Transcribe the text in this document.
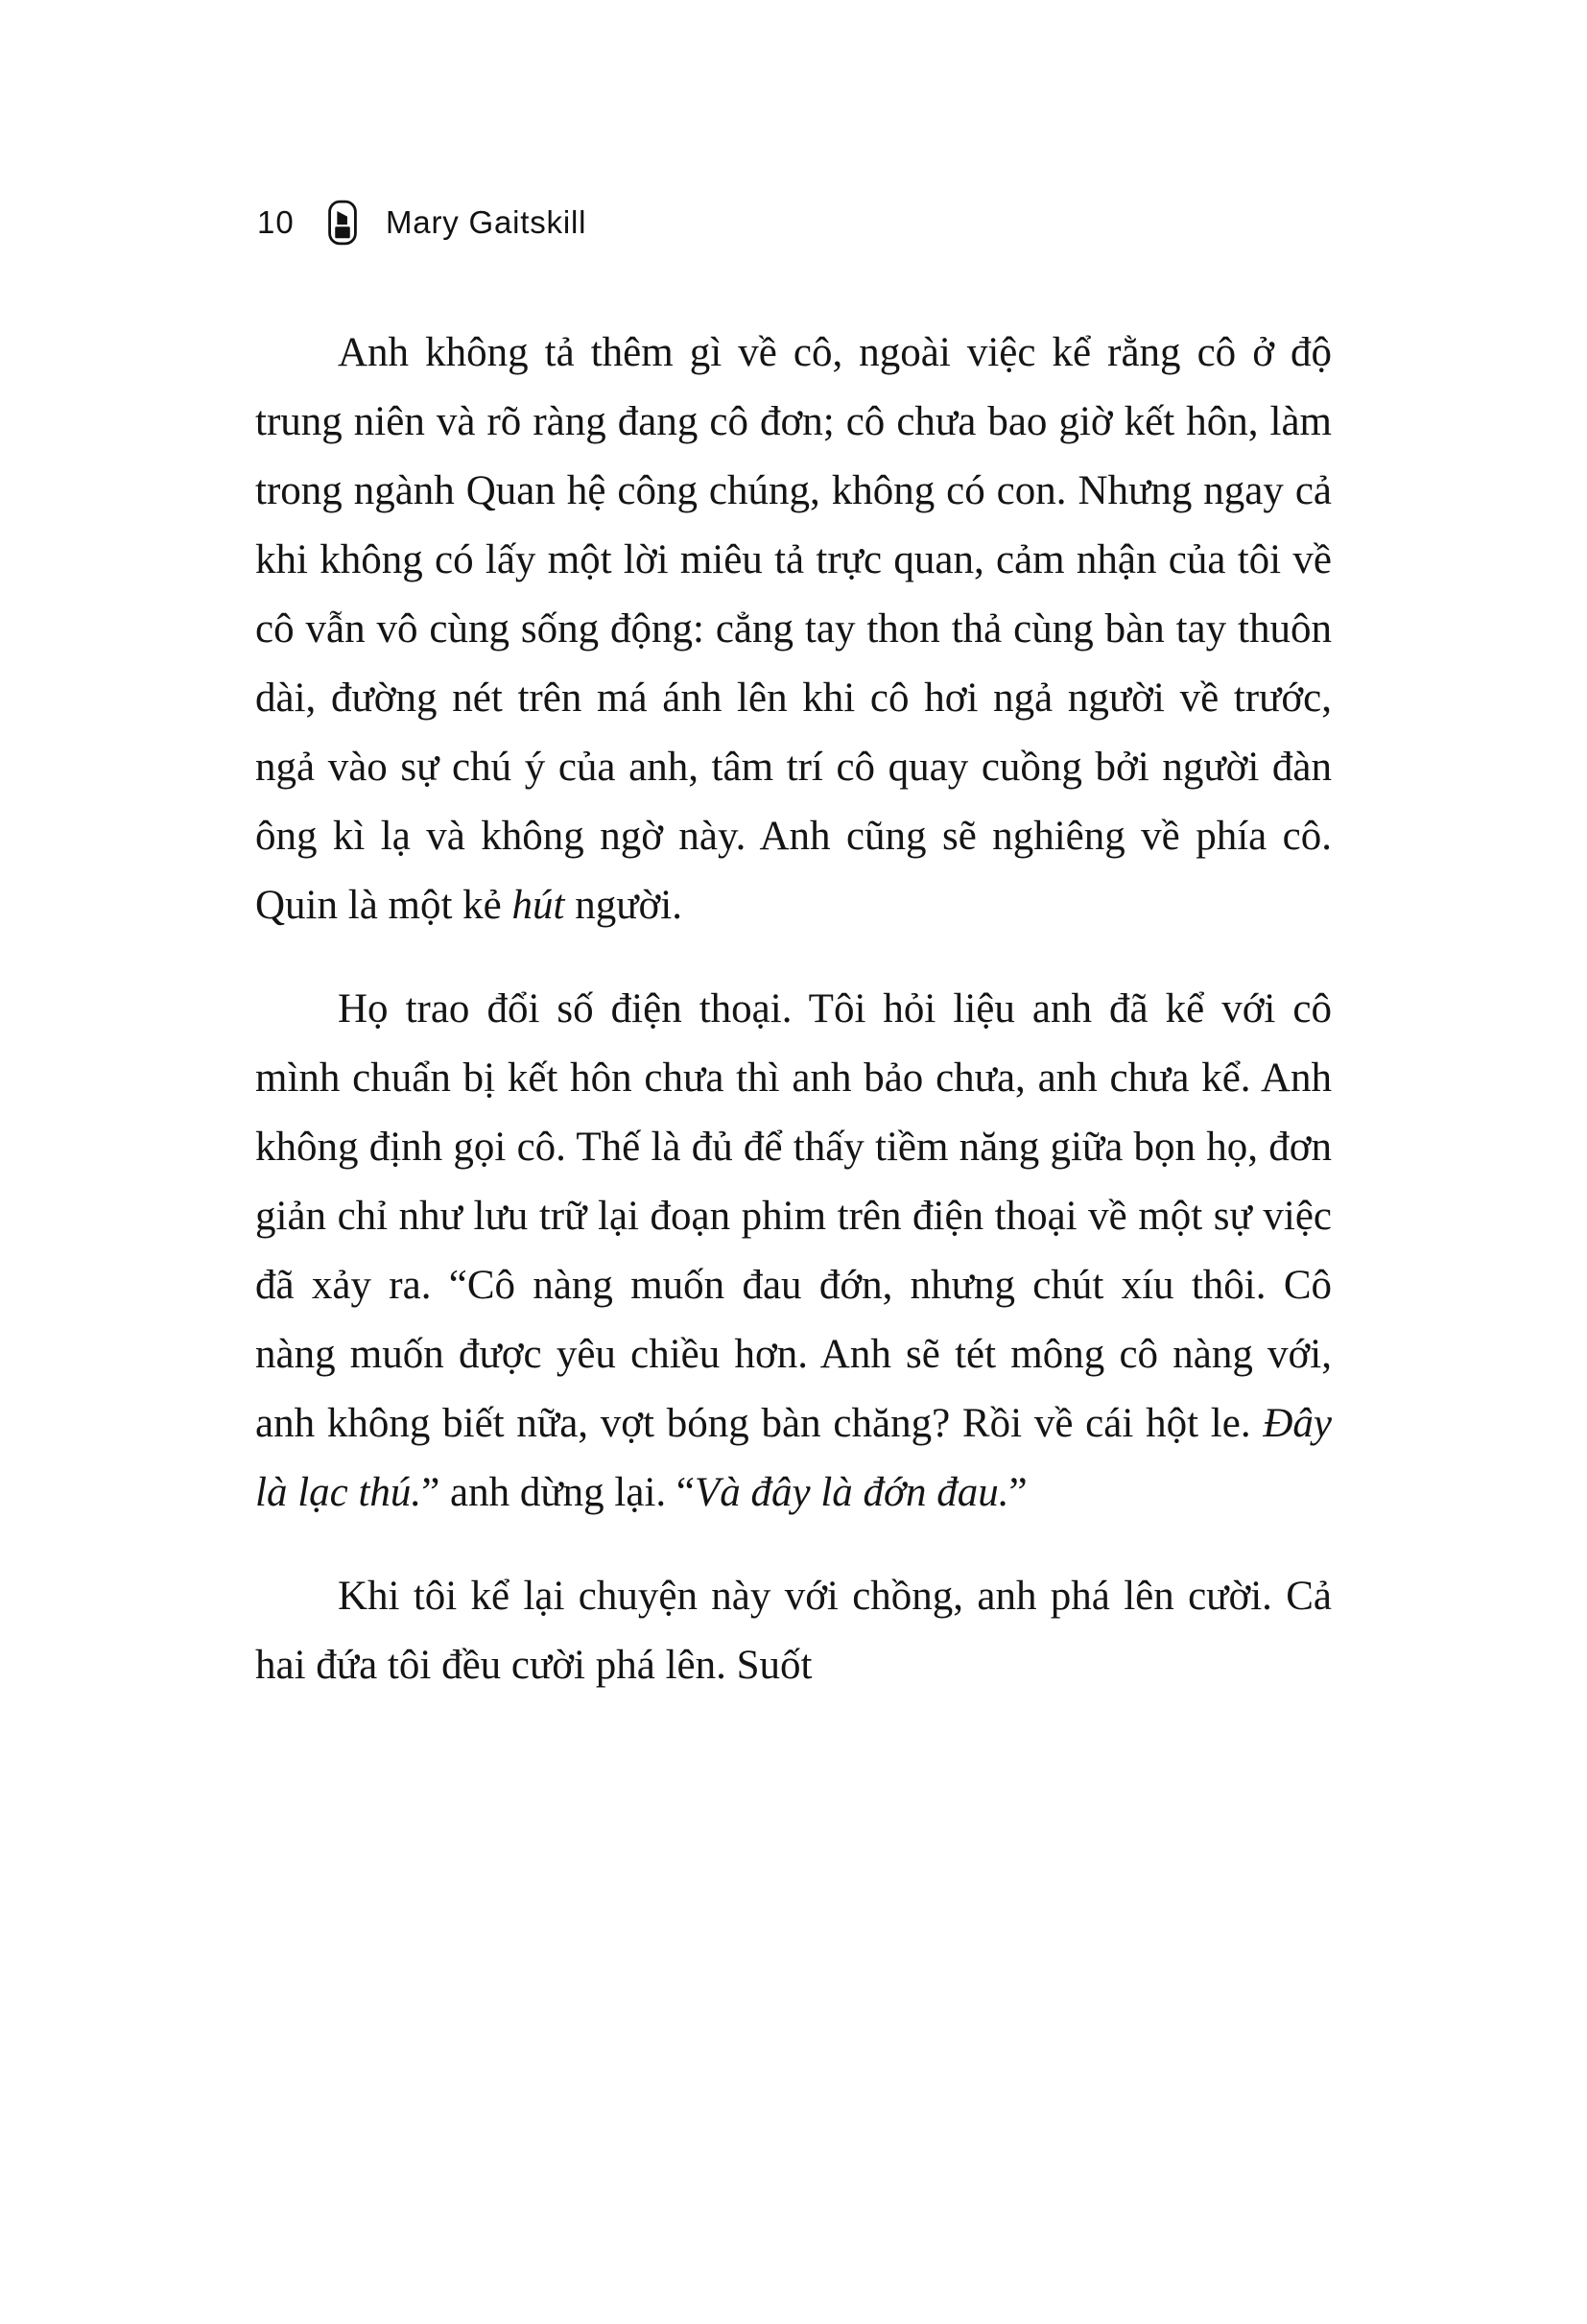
10	Mary Gaitskill

Anh không tả thêm gì về cô, ngoài việc kể rằng cô ở độ trung niên và rõ ràng đang cô đơn; cô chưa bao giờ kết hôn, làm trong ngành Quan hệ công chúng, không có con. Nhưng ngay cả khi không có lấy một lời miêu tả trực quan, cảm nhận của tôi về cô vẫn vô cùng sống động: cẳng tay thon thả cùng bàn tay thuôn dài, đường nét trên má ánh lên khi cô hơi ngả người về trước, ngả vào sự chú ý của anh, tâm trí cô quay cuồng bởi người đàn ông kì lạ và không ngờ này. Anh cũng sẽ nghiêng về phía cô. Quin là một kẻ hút người.

Họ trao đổi số điện thoại. Tôi hỏi liệu anh đã kể với cô mình chuẩn bị kết hôn chưa thì anh bảo chưa, anh chưa kể. Anh không định gọi cô. Thế là đủ để thấy tiềm năng giữa bọn họ, đơn giản chỉ như lưu trữ lại đoạn phim trên điện thoại về một sự việc đã xảy ra. “Cô nàng muốn đau đớn, nhưng chút xíu thôi. Cô nàng muốn được yêu chiều hơn. Anh sẽ tét mông cô nàng với, anh không biết nữa, vợt bóng bàn chăng? Rồi về cái hột le. Đây là lạc thú.” anh dừng lại. “Và đây là đớn đau.”

Khi tôi kể lại chuyện này với chồng, anh phá lên cười. Cả hai đứa tôi đều cười phá lên. Suốt
